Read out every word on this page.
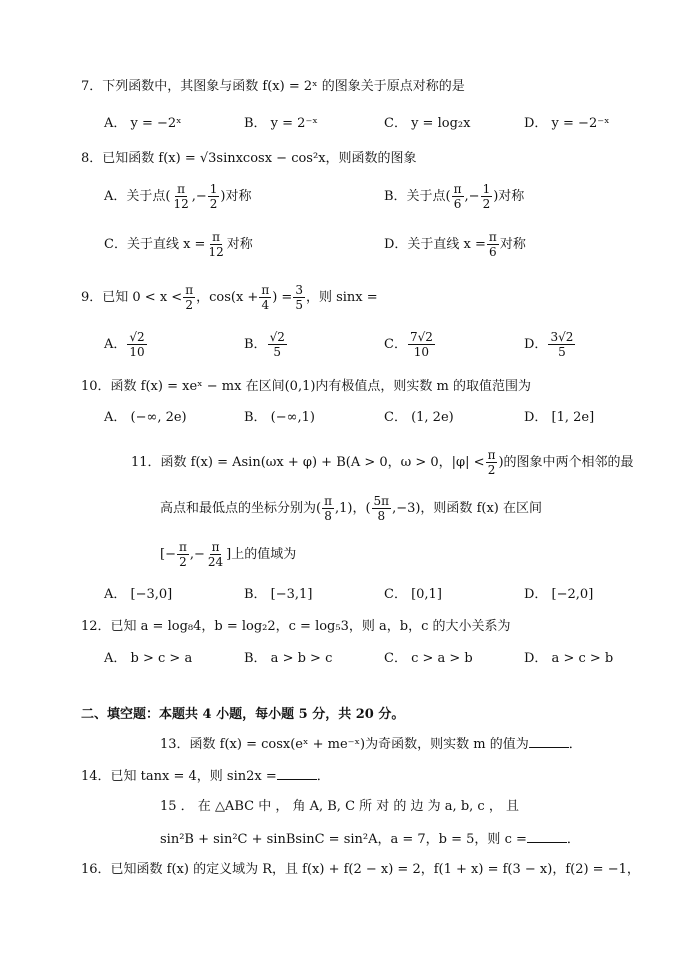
7．下列函数中，其图象与函数 f(x) = 2ˣ 的图象关于原点对称的是
A． y = −2ˣ	B． y = 2⁻ˣ	C． y = log₂x	D． y = −2⁻ˣ
8．已知函数 f(x) = √3sinxcosx − cos²x，则函数的图象
A．关于点( $\frac{\pi}{12}$ ,− $\frac{1}{2}$ )对称	B．关于点( $\frac{\pi}{6}$ ,− $\frac{1}{2}$ )对称
C．关于直线 $x = \frac{\pi}{12}$ 对称	D．关于直线 $x = \frac{\pi}{6}$ 对称
9．已知 $0 < x < \frac{\pi}{2}$ ，$\cos(x + \frac{\pi}{4}$ ) = $\frac{3}{5}$ ，则 sinx =
A． $\frac{√2}{10}$	B． $\frac{√2}{5}$	C． $\frac{7√2}{10}$	D． $\frac{3√2}{5}$
10．函数 f(x) = xeˣ − mx 在区间(0,1)内有极值点，则实数 m 的取值范围为
A． (−∞, 2e)	B． (−∞,1)	C． (1, 2e)	D． [1, 2e]
11．函数 f(x) = Asin(ωx + φ) + B(A > 0，ω > 0，$|\varphi| < \frac{\pi}{2}$ )的图象中两个相邻的最
高点和最低点的坐标分别为( $\frac{\pi}{8} ,1$)，( $\frac{5\pi}{8} ,-3$)，则函数 f(x) 在区间
[− $\frac{\pi}{2}$ ,− $\frac{\pi}{24}$ ]上的值域为
A． [−3,0]	B． [−3,1]	C． [0,1]	D． [−2,0]
12．已知 a = log₈4，b = log₂2，c = log₅3，则 a，b，c 的大小关系为
A． b > c > a	B． a > b > c	C． c > a > b	D． a > c > b
二、填空题：本题共 4 小题，每小题 5 分，共 20 分。
13．函数 f(x) = cosx(eˣ + me⁻ˣ)为奇函数，则实数 m 的值为	．
14．已知 tanx = 4，则 sin2x =	．
15 ． 在 △ABC 中 ， 角 A, B, C 所 对 的 边 为 a, b, c ， 且
sin²B + sin²C + sinBsinC = sin²A，a = 7，b = 5，则 c =	．
16．已知函数 f(x) 的定义域为 R，且 f(x) + f(2 − x) = 2，f(1 + x) = f(3 − x)，f(2) = −1，
